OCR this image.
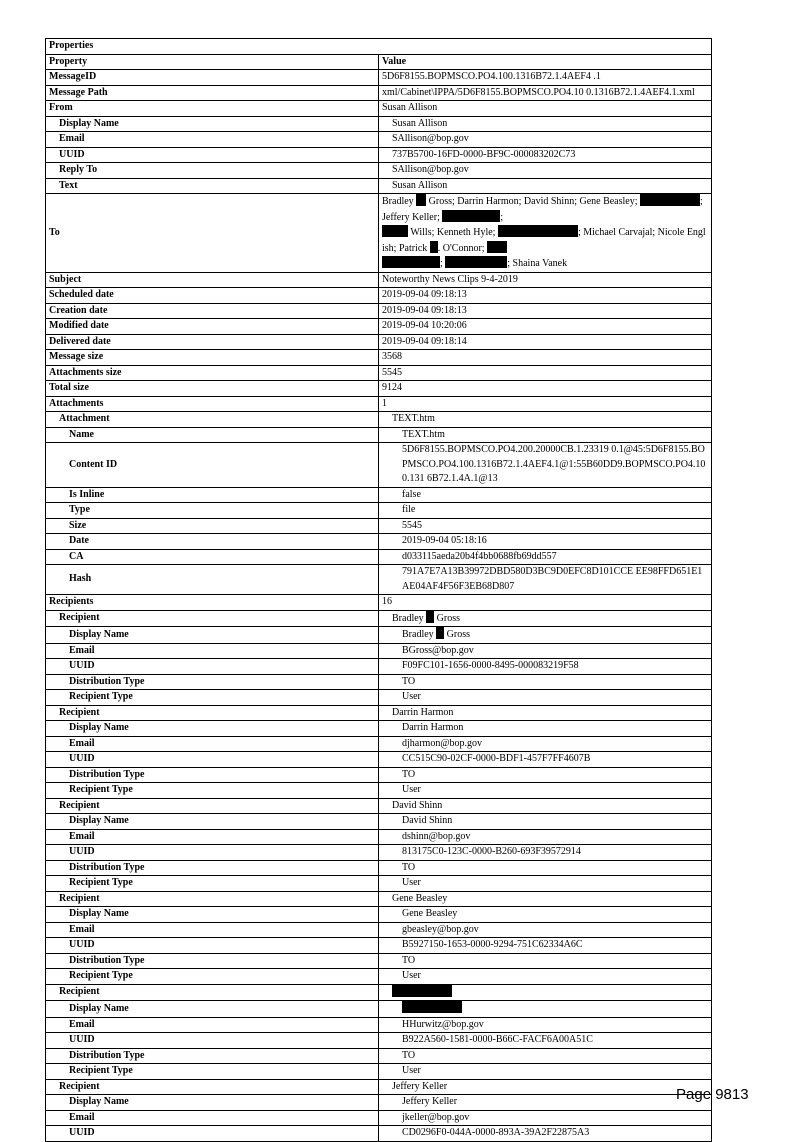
Properties	
Property	Value
MessageID	5D6F8155.BOPMSCO.PO4.100.1316B72.1.4AEF4 .1
Message Path	xml/Cabinet\IPPA/5D6F8155.BOPMSCO.PO4.10 0.1316B72.1.4AEF4.1.xml
From	Susan Allison
Display Name	Susan Allison
Email	SAllison@bop.gov
UUID	737B5700-16FD-0000-BF9C-000083202C73
Reply To	SAllison@bop.gov
Text	Susan Allison
To	Bradley  Gross; Darrin Harmon; David Shinn; Gene Beasley; ; Jeffery Keller; ;
Wills; Kenneth Hyle; ; Michael Carvajal; Nicole English; Patrick . O'Connor;
; ; Shaina Vanek
Subject	Noteworthy News Clips 9-4-2019
Scheduled date	2019-09-04 09:18:13
Creation date	2019-09-04 09:18:13
Modified date	2019-09-04 10:20:06
Delivered date	2019-09-04 09:18:14
Message size	3568
Attachments size	5545
Total size	9124
Attachments	1
Attachment	TEXT.htm
Name	TEXT.htm
Content ID	5D6F8155.BOPMSCO.PO4.200.20000CB.1.23319 0.1@45:5D6F8155.BOPMSCO.PO4.100.1316B72.1.4AEF4.1@1:55B60DD9.BOPMSCO.PO4.100.131 6B72.1.4A.1@13
Is Inline	false
Type	file
Size	5545
Date	2019-09-04 05:18:16
CA	d033115aeda20b4f4bb0688fb69dd557
Hash	791A7E7A13B39972DBD580D3BC9D0EFC8D101CCE EE98FFD651E1AE04AF4F56F3EB68D807
Recipients	16
Recipient	Bradley  Gross
Display Name	Bradley  Gross
Email	BGross@bop.gov
UUID	F09FC101-1656-0000-8495-000083219F58
Distribution Type	TO
Recipient Type	User
Recipient	Darrin Harmon
Display Name	Darrin Harmon
Email	djharmon@bop.gov
UUID	CC515C90-02CF-0000-BDF1-457F7FF4607B
Distribution Type	TO
Recipient Type	User
Recipient	David Shinn
Display Name	David Shinn
Email	dshinn@bop.gov
UUID	813175C0-123C-0000-B260-693F39572914
Distribution Type	TO
Recipient Type	User
Recipient	Gene Beasley
Display Name	Gene Beasley
Email	gbeasley@bop.gov
UUID	B5927150-1653-0000-9294-751C62334A6C
Distribution Type	TO
Recipient Type	User
Recipient	
Display Name	
Email	HHurwitz@bop.gov
UUID	B922A560-1581-0000-B66C-FACF6A00A51C
Distribution Type	TO
Recipient Type	User
Recipient	Jeffery Keller
Display Name	Jeffery Keller
Email	jkeller@bop.gov
UUID	CD0296F0-044A-0000-893A-39A2F22875A3
Page 9813
